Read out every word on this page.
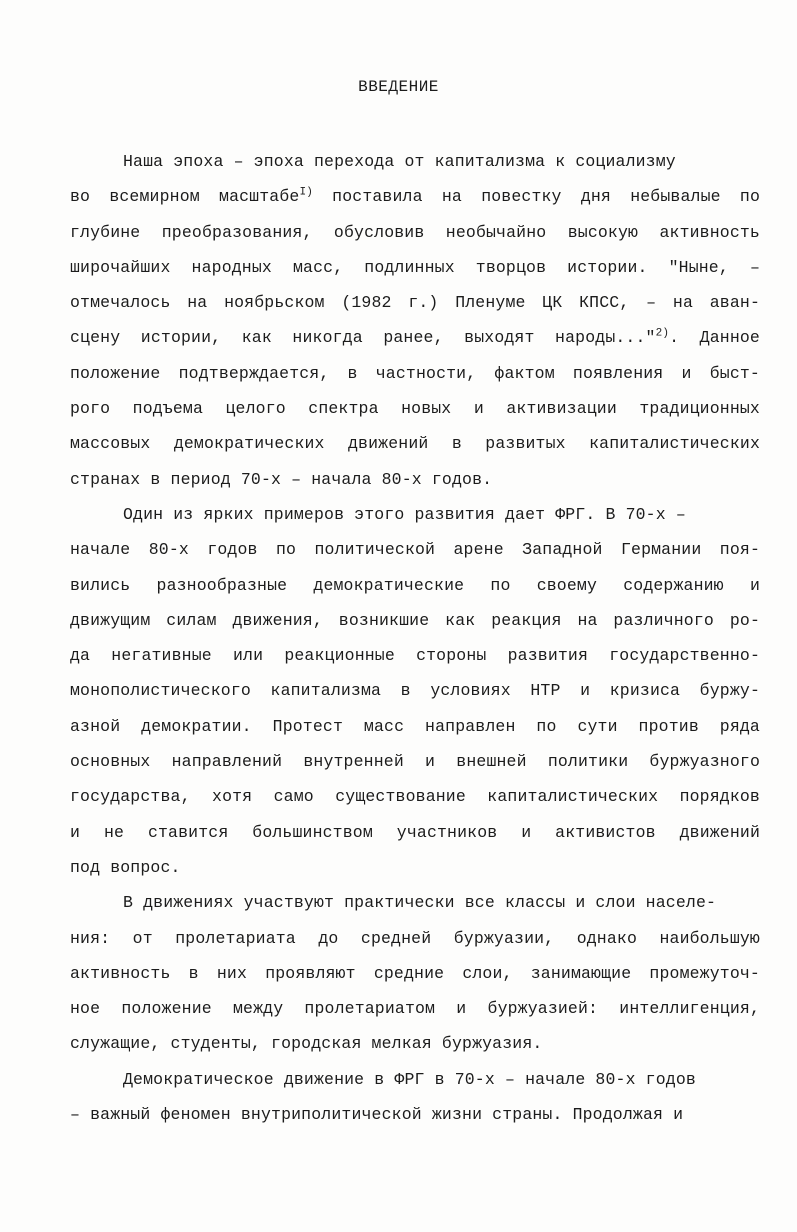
ВВЕДЕНИЕ
Наша эпоха – эпоха перехода от капитализма к социализму
во всемирном масштабе$^{I)}$ поставила на повестку дня небывалые по
глубине преобразования, обусловив необычайно высокую активность
широчайших народных масс, подлинных творцов истории. "Ныне, –
отмечалось на ноябрьском (1982 г.) Пленуме ЦК КПСС, – на аван-
сцену истории, как никогда ранее, выходят народы..."$^{2)}$. Данное
положение подтверждается, в частности, фактом появления и быст-
рого подъема целого спектра новых и активизации традиционных
массовых демократических движений в развитых капиталистических
странах в период 70-х – начала 80-х годов.
Один из ярких примеров этого развития дает ФРГ. В 70-х –
начале 80-х годов по политической арене Западной Германии поя-
вились разнообразные демократические по своему содержанию и
движущим силам движения, возникшие как реакция на различного ро-
да негативные или реакционные стороны развития государственно-
монополистического капитализма в условиях НТР и кризиса буржу-
азной демократии. Протест масс направлен по сути против ряда
основных направлений внутренней и внешней политики буржуазного
государства, хотя само существование капиталистических порядков
и не ставится большинством участников и активистов движений
под вопрос.
В движениях участвуют практически все классы и слои населе-
ния: от пролетариата до средней буржуазии, однако наибольшую
активность в них проявляют средние слои, занимающие промежуточ-
ное положение между пролетариатом и буржуазией: интеллигенция,
служащие, студенты, городская мелкая буржуазия.
Демократическое движение в ФРГ в 70-х – начале 80-х годов
– важный феномен внутриполитической жизни страны. Продолжая и
